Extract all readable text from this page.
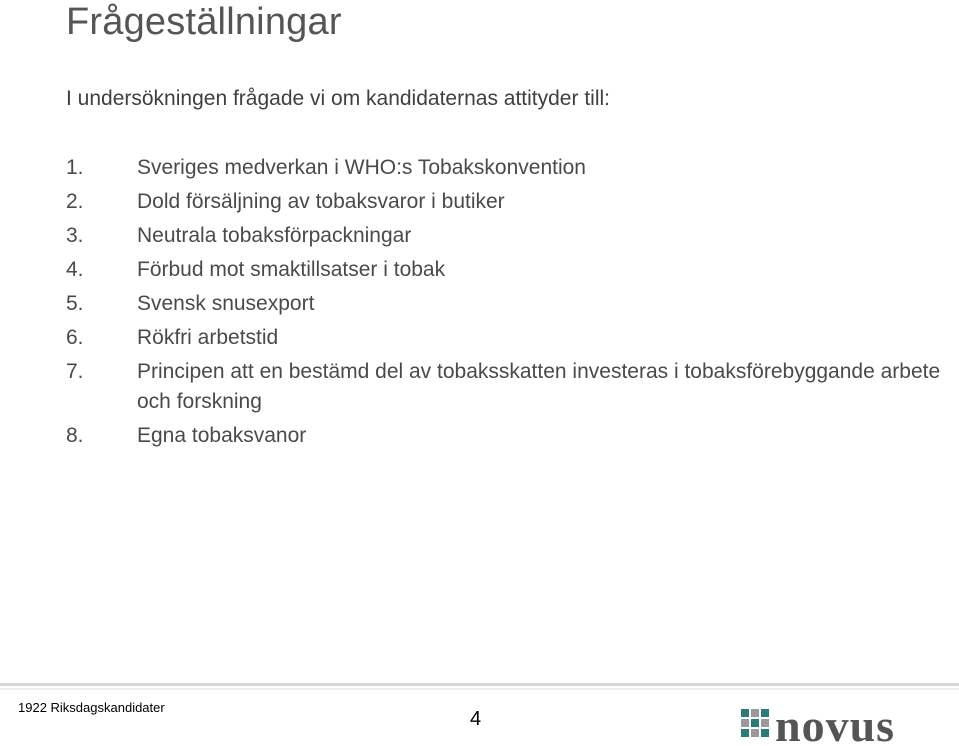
Frågeställningar
I undersökningen frågade vi om kandidaternas attityder till:
1.	Sveriges medverkan i WHO:s Tobakskonvention
2.	Dold försäljning av tobaksvaror i butiker
3.	Neutrala tobaksförpackningar
4.	Förbud mot smaktillsatser i tobak
5.	Svensk snusexport
6.	Rökfri arbetstid
7.	Principen att en bestämd del av tobaksskatten investeras i tobaksförebyggande arbete och forskning
8.	Egna tobaksvanor
1922 Riksdagskandidater
4	novus
